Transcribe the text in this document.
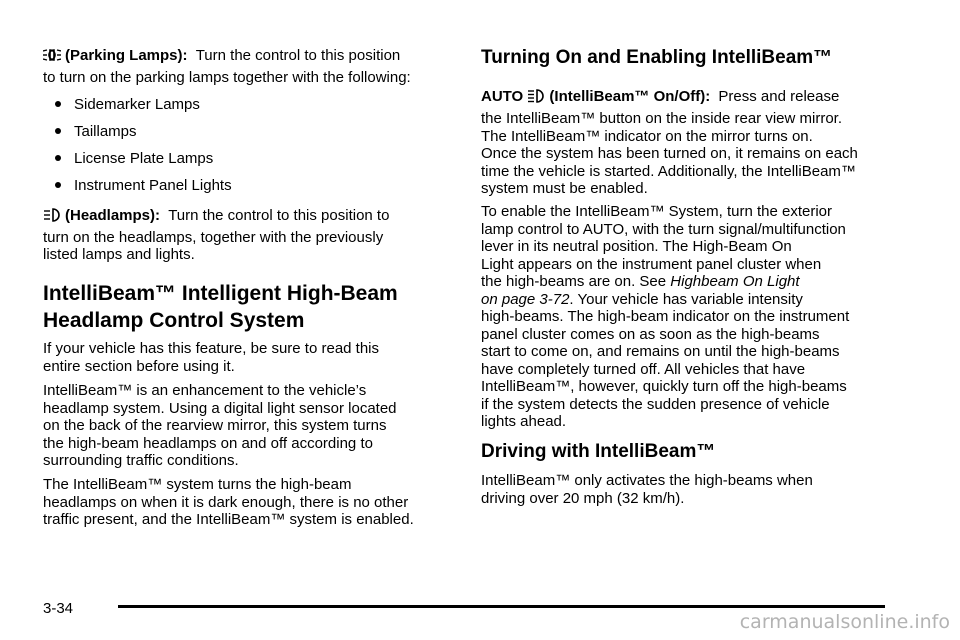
(Parking Lamps): Turn the control to this position

to turn on the parking lamps together with the following:

Sidemarker Lamps
Taillamps
License Plate Lamps
Instrument Panel Lights

(Headlamps): Turn the control to this position to

turn on the headlamps, together with the previously

listed lamps and lights.

IntelliBeam™ Intelligent High-Beam
Headlamp Control System

If your vehicle has this feature, be sure to read this

entire section before using it.

IntelliBeam™ is an enhancement to the vehicle’s

headlamp system. Using a digital light sensor located

on the back of the rearview mirror, this system turns

the high-beam headlamps on and off according to

surrounding traffic conditions.

The IntelliBeam™ system turns the high-beam

headlamps on when it is dark enough, there is no other

traffic present, and the IntelliBeam™ system is enabled.

Turning On and Enabling IntelliBeam™

AUTO (IntelliBeam™ On/Off): Press and release

the IntelliBeam™ button on the inside rear view mirror.

The IntelliBeam™ indicator on the mirror turns on.

Once the system has been turned on, it remains on each

time the vehicle is started. Additionally, the IntelliBeam™

system must be enabled.

To enable the IntelliBeam™ System, turn the exterior

lamp control to AUTO, with the turn signal/multifunction

lever in its neutral position. The High-Beam On

Light appears on the instrument panel cluster when

the high-beams are on. See Highbeam On Light

on page 3-72. Your vehicle has variable intensity

high-beams. The high-beam indicator on the instrument

panel cluster comes on as soon as the high-beams

start to come on, and remains on until the high-beams

have completely turned off. All vehicles that have

IntelliBeam™, however, quickly turn off the high-beams

if the system detects the sudden presence of vehicle

lights ahead.

Driving with IntelliBeam™

IntelliBeam™ only activates the high-beams when

driving over 20 mph (32 km/h).

3-34
carmanualsonline.info
